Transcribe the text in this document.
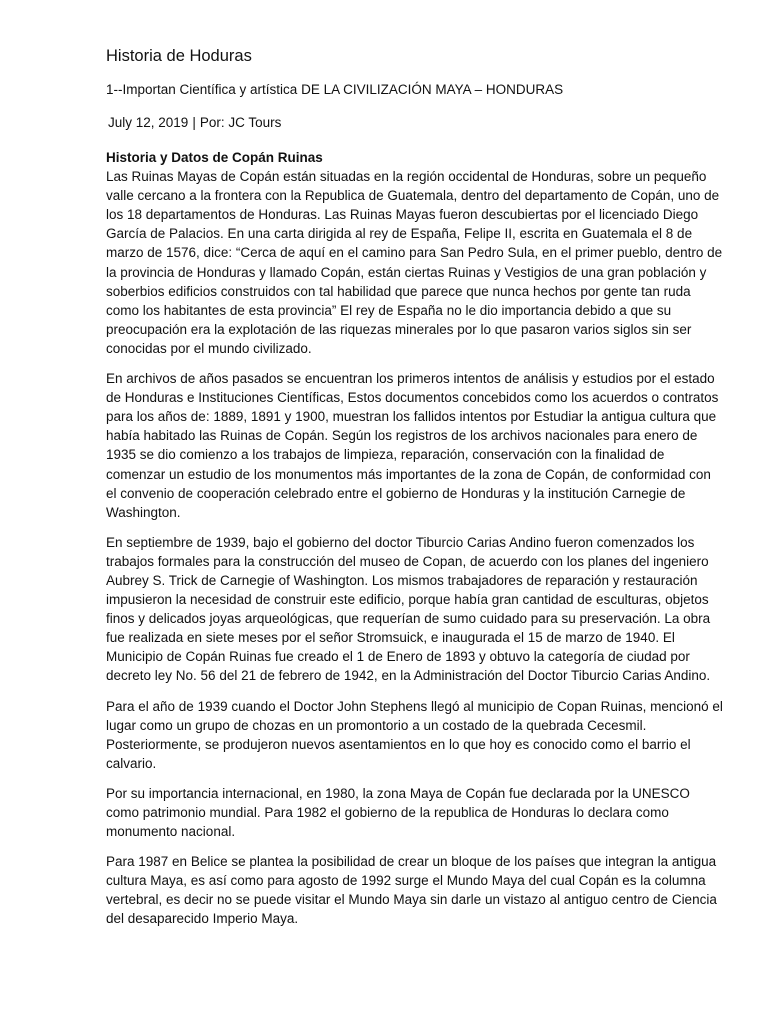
Historia de Hoduras

1--Importan Científica y artística DE LA CIVILIZACIÓN MAYA – HONDURAS

July 12, 2019 | Por: JC Tours

Historia y Datos de Copán Ruinas

Las Ruinas Mayas de Copán están situadas en la región occidental de Honduras, sobre un pequeño valle cercano a la frontera con la Republica de Guatemala, dentro del departamento de Copán, uno de los 18 departamentos de Honduras. Las Ruinas Mayas fueron descubiertas por el licenciado Diego García de Palacios. En una carta dirigida al rey de España, Felipe II, escrita en Guatemala el 8 de marzo de 1576, dice: “Cerca de aquí en el camino para San Pedro Sula, en el primer pueblo, dentro de la provincia de Honduras y llamado Copán, están ciertas Ruinas y Vestigios de una gran población y soberbios edificios construidos con tal habilidad que parece que nunca hechos por gente tan ruda como los habitantes de esta provincia” El rey de España no le dio importancia debido a que su preocupación era la explotación de las riquezas minerales por lo que pasaron varios siglos sin ser conocidas por el mundo civilizado.

En archivos de años pasados se encuentran los primeros intentos de análisis y estudios por el estado de Honduras e Instituciones Científicas, Estos documentos concebidos como los acuerdos o contratos para los años de: 1889, 1891 y 1900, muestran los fallidos intentos por Estudiar la antigua cultura que había habitado las Ruinas de Copán. Según los registros de los archivos nacionales para enero de 1935 se dio comienzo a los trabajos de limpieza, reparación, conservación con la finalidad de comenzar un estudio de los monumentos más importantes de la zona de Copán, de conformidad con el convenio de cooperación celebrado entre el gobierno de Honduras y la institución Carnegie de Washington.

En septiembre de 1939, bajo el gobierno del doctor Tiburcio Carias Andino fueron comenzados los trabajos formales para la construcción del museo de Copan, de acuerdo con los planes del ingeniero Aubrey S. Trick de Carnegie of Washington. Los mismos trabajadores de reparación y restauración impusieron la necesidad de construir este edificio, porque había gran cantidad de esculturas, objetos finos y delicados joyas arqueológicas, que requerían de sumo cuidado para su preservación. La obra fue realizada en siete meses por el señor Stromsuick, e inaugurada el 15 de marzo de 1940. El Municipio de Copán Ruinas fue creado el 1 de Enero de 1893 y obtuvo la categoría de ciudad por decreto ley No. 56 del 21 de febrero de 1942, en la Administración del Doctor Tiburcio Carias Andino.

Para el año de 1939 cuando el Doctor John Stephens llegó al municipio de Copan Ruinas, mencionó el lugar como un grupo de chozas en un promontorio a un costado de la quebrada Cecesmil. Posteriormente, se produjeron nuevos asentamientos en lo que hoy es conocido como el barrio el calvario.

Por su importancia internacional, en 1980, la zona Maya de Copán fue declarada por la UNESCO como patrimonio mundial. Para 1982 el gobierno de la republica de Honduras lo declara como monumento nacional.

Para 1987 en Belice se plantea la posibilidad de crear un bloque de los países que integran la antigua cultura Maya, es así como para agosto de 1992 surge el Mundo Maya del cual Copán es la columna vertebral, es decir no se puede visitar el Mundo Maya sin darle un vistazo al antiguo centro de Ciencia del desaparecido Imperio Maya.
